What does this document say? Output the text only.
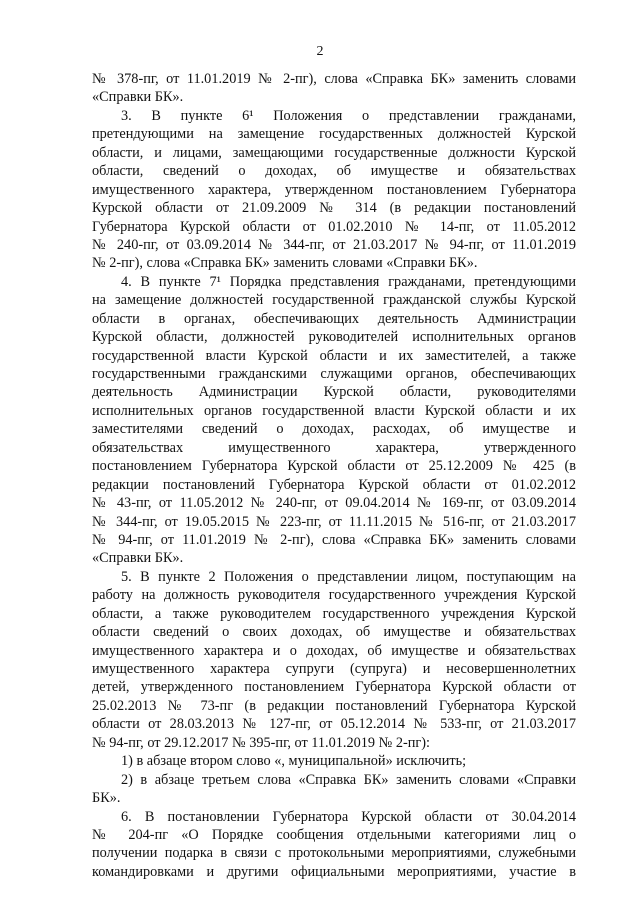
2
№ 378-пг, от 11.01.2019 № 2-пг), слова «Справка БК» заменить словами
«Справки БК».
3. В пункте 6¹ Положения о представлении гражданами,
претендующими на замещение государственных должностей Курской
области, и лицами, замещающими государственные должности Курской
области, сведений о доходах, об имуществе и обязательствах
имущественного характера, утвержденном постановлением Губернатора
Курской области от 21.09.2009 № 314 (в редакции постановлений
Губернатора Курской области от 01.02.2010 № 14-пг, от 11.05.2012
№ 240-пг, от 03.09.2014 № 344-пг, от 21.03.2017 № 94-пг, от 11.01.2019
№ 2-пг), слова «Справка БК» заменить словами «Справки БК».
4. В пункте 7¹ Порядка представления гражданами, претендующими
на замещение должностей государственной гражданской службы Курской
области в органах, обеспечивающих деятельность Администрации
Курской области, должностей руководителей исполнительных органов
государственной власти Курской области и их заместителей, а также
государственными гражданскими служащими органов, обеспечивающих
деятельность Администрации Курской области, руководителями
исполнительных органов государственной власти Курской области и их
заместителями сведений о доходах, расходах, об имуществе и
обязательствах имущественного характера, утвержденного
постановлением Губернатора Курской области от 25.12.2009 № 425 (в
редакции постановлений Губернатора Курской области от 01.02.2012
№ 43-пг, от 11.05.2012 № 240-пг, от 09.04.2014 № 169-пг, от 03.09.2014
№ 344-пг, от 19.05.2015 № 223-пг, от 11.11.2015 № 516-пг, от 21.03.2017
№ 94-пг, от 11.01.2019 № 2-пг), слова «Справка БК» заменить словами
«Справки БК».
5. В пункте 2 Положения о представлении лицом, поступающим на
работу на должность руководителя государственного учреждения Курской
области, а также руководителем государственного учреждения Курской
области сведений о своих доходах, об имуществе и обязательствах
имущественного характера и о доходах, об имуществе и обязательствах
имущественного характера супруги (супруга) и несовершеннолетних
детей, утвержденного постановлением Губернатора Курской области от
25.02.2013 № 73-пг (в редакции постановлений Губернатора Курской
области от 28.03.2013 № 127-пг, от 05.12.2014 № 533-пг, от 21.03.2017
№ 94-пг, от 29.12.2017 № 395-пг, от 11.01.2019 № 2-пг):
1) в абзаце втором слово «, муниципальной» исключить;
2) в абзаце третьем слова «Справка БК» заменить словами «Справки
БК».
6. В постановлении Губернатора Курской области от 30.04.2014
№ 204-пг «О Порядке сообщения отдельными категориями лиц о
получении подарка в связи с протокольными мероприятиями, служебными
командировками и другими официальными мероприятиями, участие в
